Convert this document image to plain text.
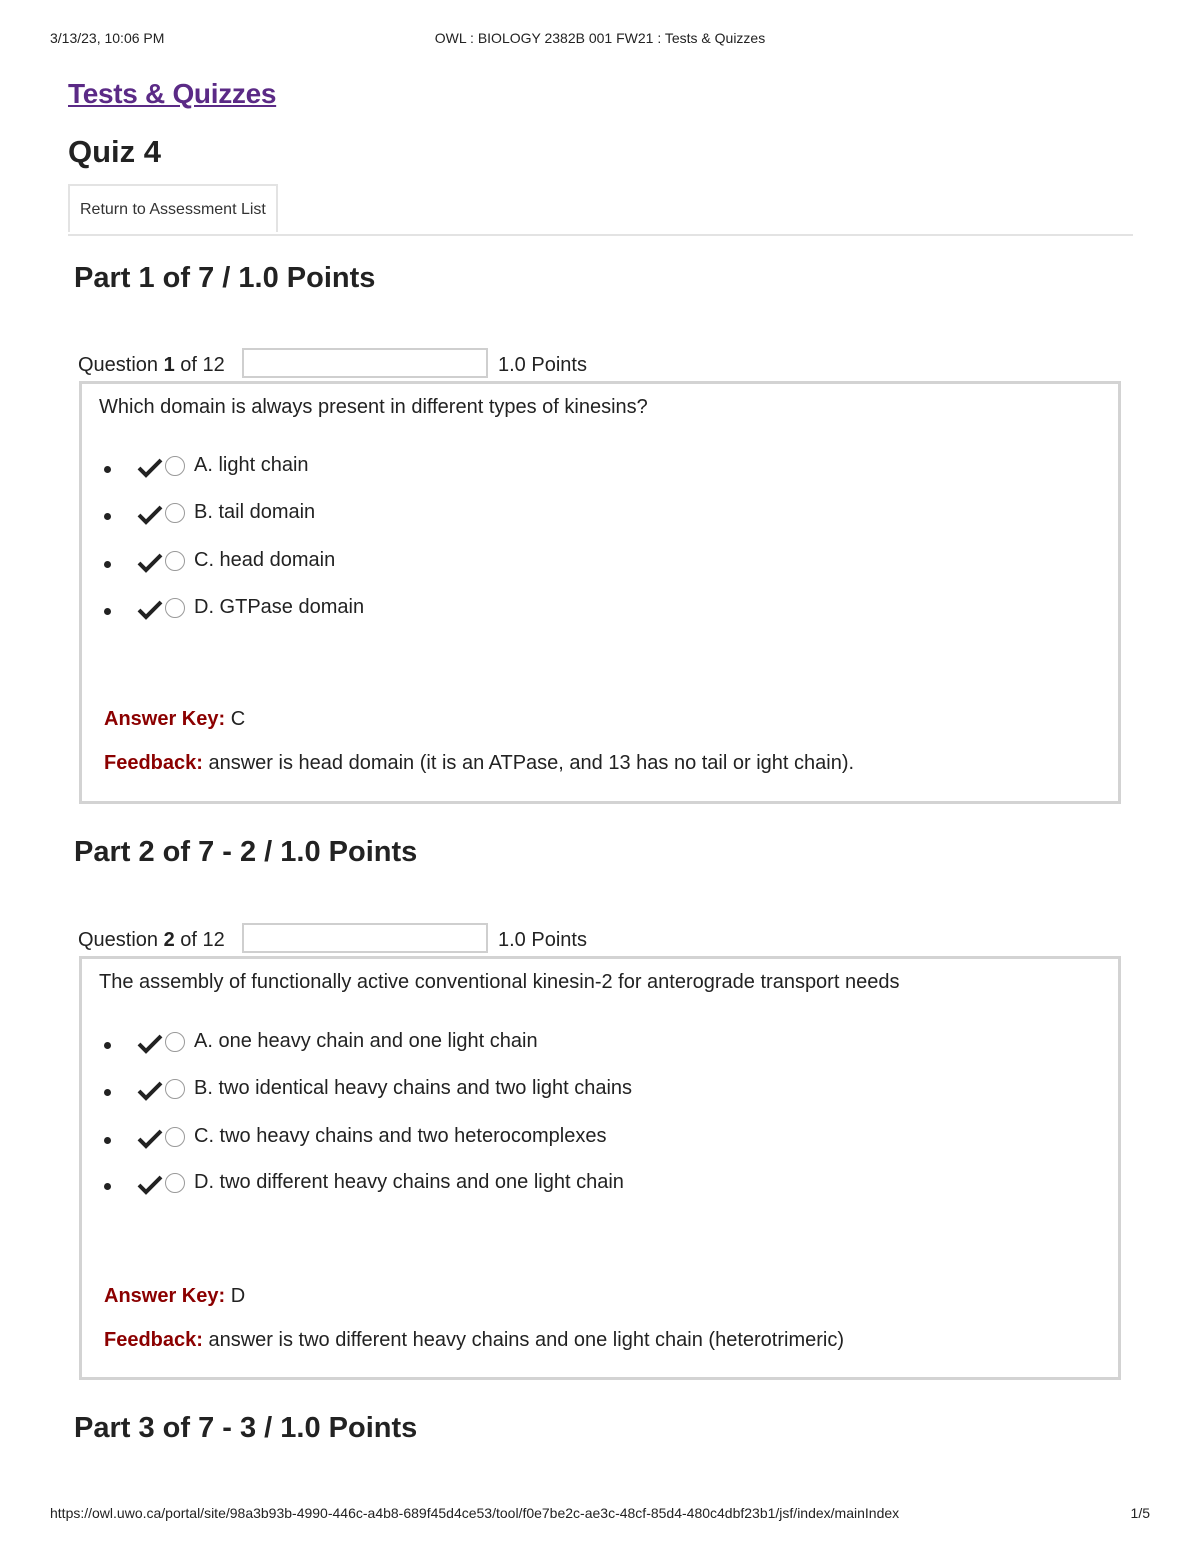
3/13/23, 10:06 PM	OWL : BIOLOGY 2382B 001 FW21 : Tests & Quizzes
Tests & Quizzes
Quiz 4
Return to Assessment List
Part 1 of 7 / 1.0 Points
Question 1 of 12	1.0 Points
Which domain is always present in different types of kinesins?
A. light chain
B. tail domain
C. head domain
D. GTPase domain
Answer Key: C
Feedback: answer is head domain (it is an ATPase, and 13 has no tail or ight chain).
Part 2 of 7 - 2 / 1.0 Points
Question 2 of 12	1.0 Points
The assembly of functionally active conventional kinesin-2 for anterograde transport needs
A. one heavy chain and one light chain
B. two identical heavy chains and two light chains
C. two heavy chains and two heterocomplexes
D. two different heavy chains and one light chain
Answer Key: D
Feedback: answer is two different heavy chains and one light chain (heterotrimeric)
Part 3 of 7 - 3 / 1.0 Points
https://owl.uwo.ca/portal/site/98a3b93b-4990-446c-a4b8-689f45d4ce53/tool/f0e7be2c-ae3c-48cf-85d4-480c4dbf23b1/jsf/index/mainIndex	1/5
